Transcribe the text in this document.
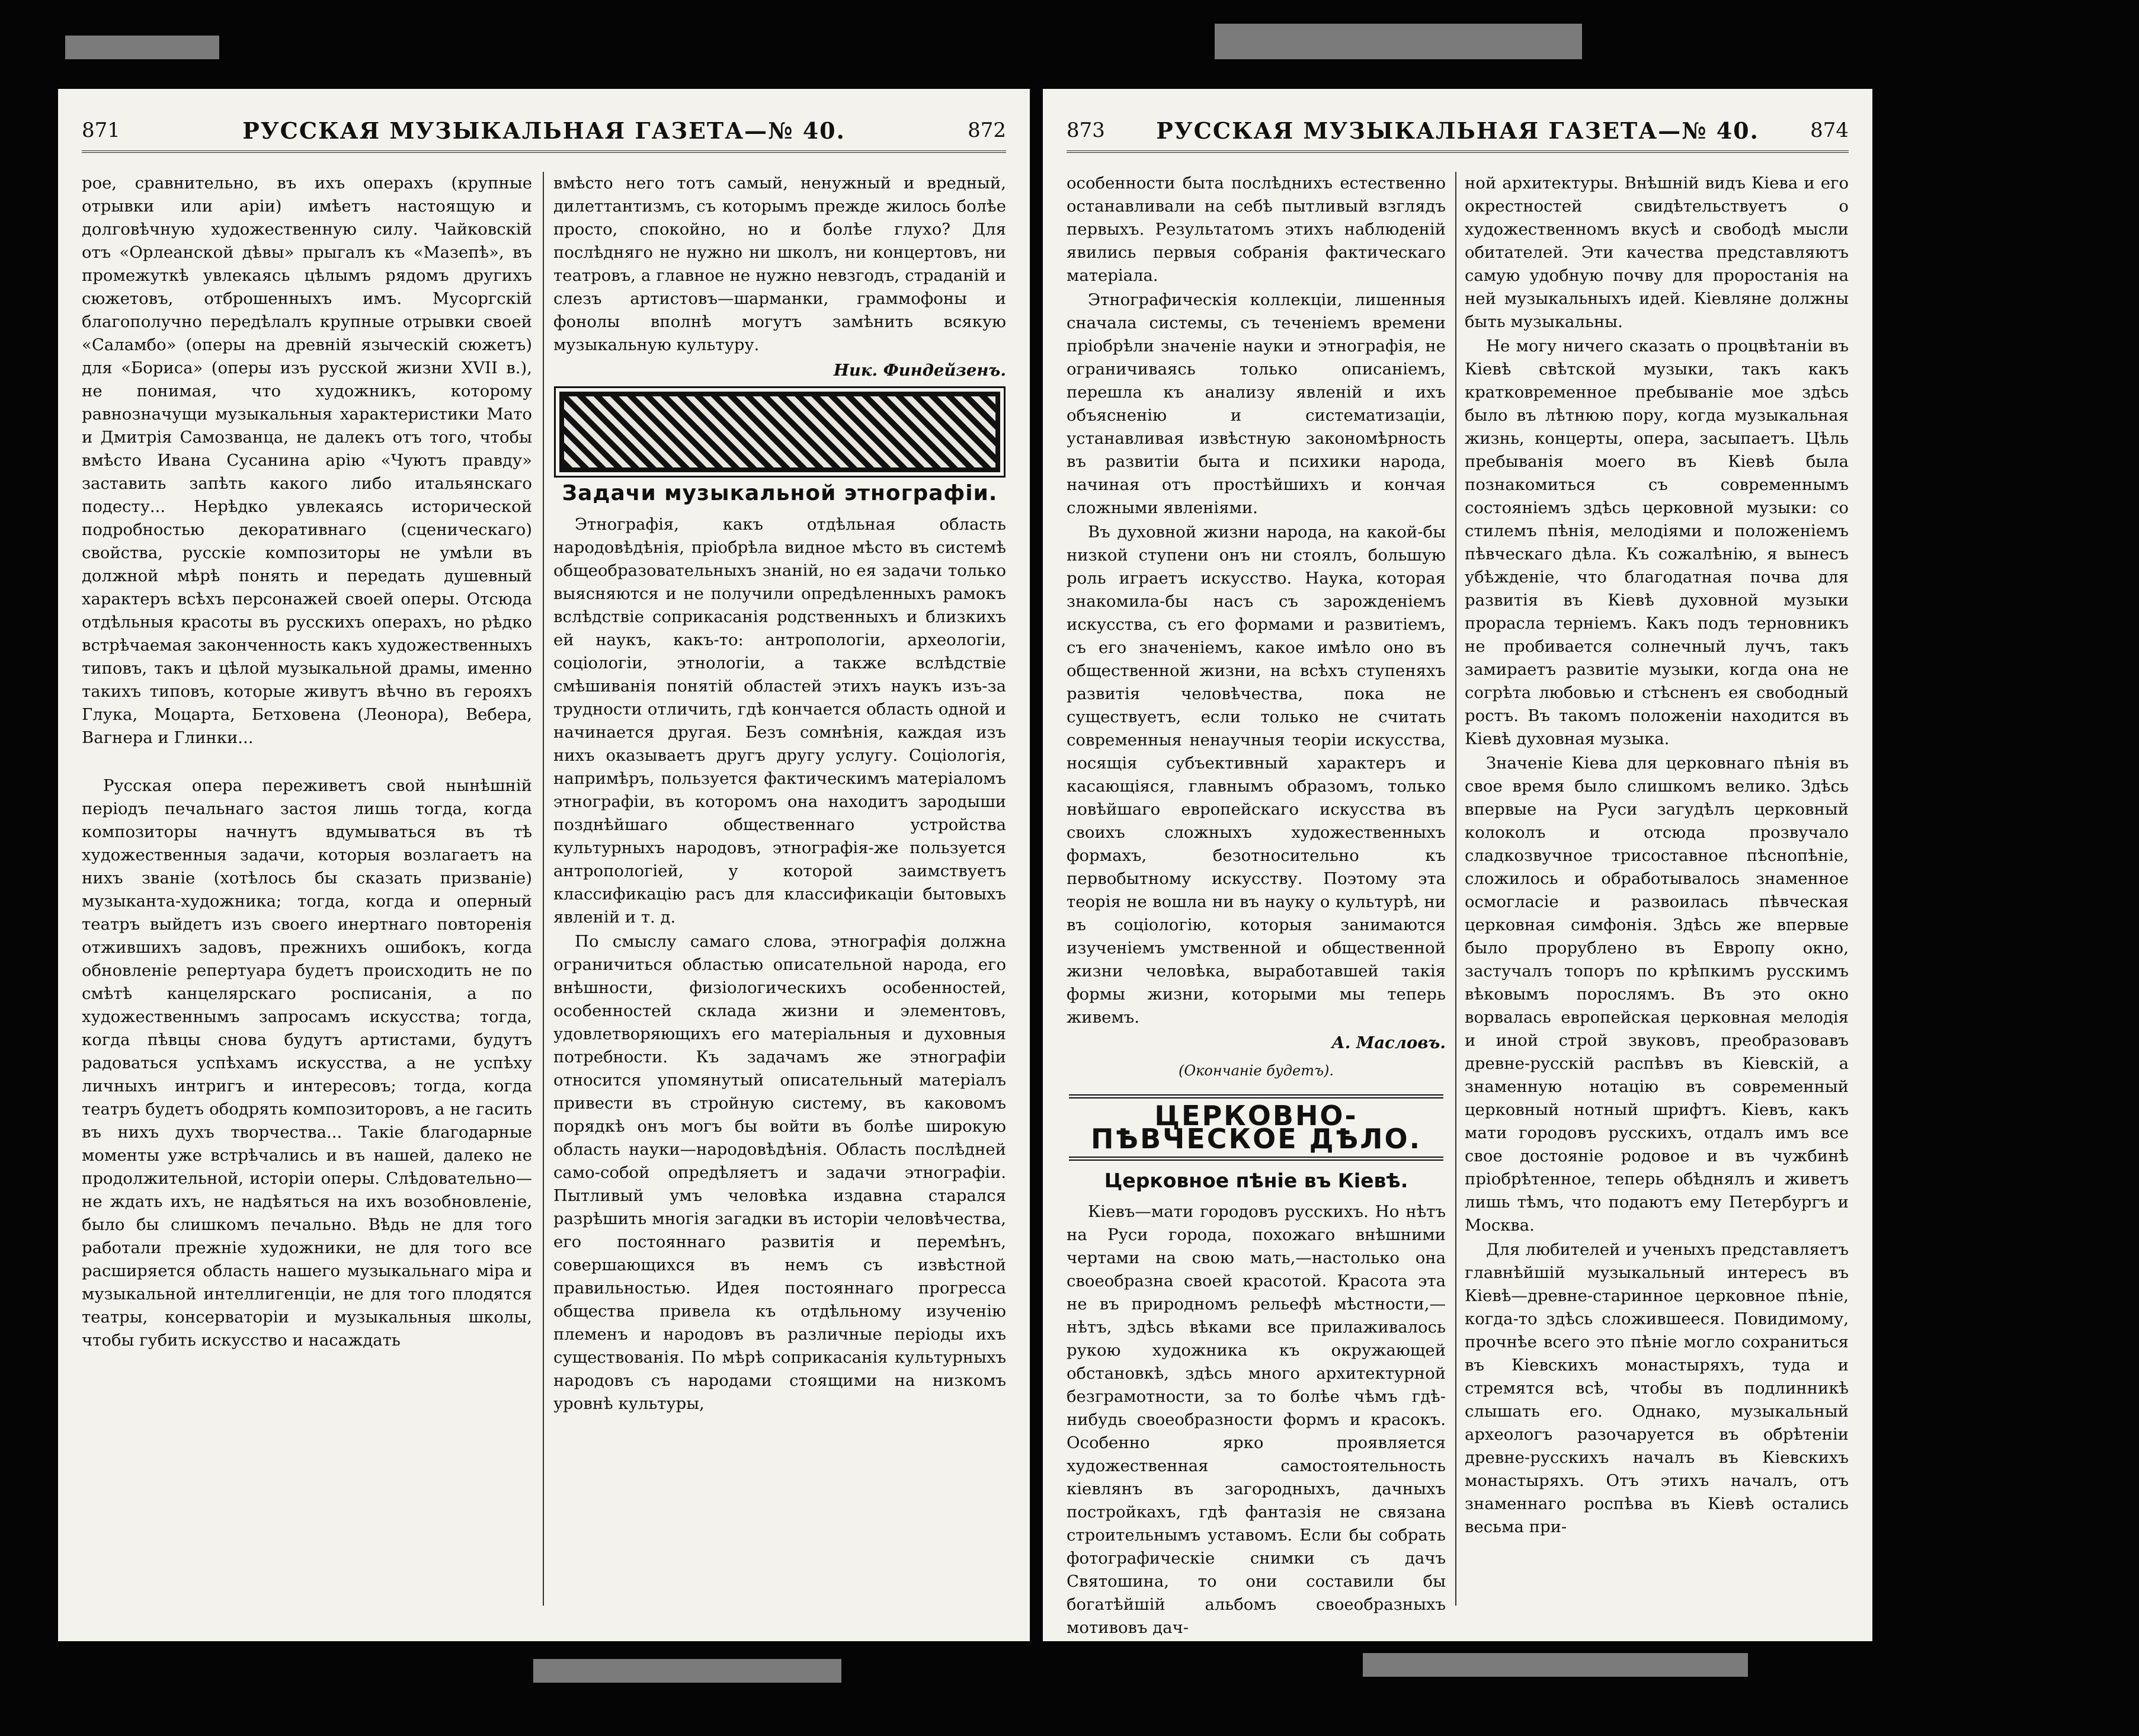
871	РУССКАЯ МУЗЫКАЛЬНАЯ ГАЗЕТА—№ 40.	872

рое, сравнительно, въ ихъ операхъ (крупные отрывки или арiи) имѣетъ настоящую и долговѣчную художественную силу. Чайковскiй отъ «Орлеанской дѣвы» прыгалъ къ «Мазепѣ», въ промежуткѣ увлекаясь цѣлымъ рядомъ другихъ сюжетовъ, отброшенныхъ имъ. Мусоргскiй благополучно передѣлалъ крупные отрывки своей «Саламбо» (оперы на древнiй языческiй сюжетъ) для «Бориса» (оперы изъ русской жизни XVII в.), не понимая, что художникъ, которому равнозначущи музыкальныя характеристики Мато и Дмитрiя Самозванца, не далекъ отъ того, чтобы вмѣсто Ивана Сусанина арiю «Чуютъ правду» заставить запѣть какого либо итальянскаго подесту... Нерѣдко увлекаясь исторической подробностью декоративнаго (сценическаго) свойства, русскiе композиторы не умѣли въ должной мѣрѣ понять и передать душевный характеръ всѣхъ персонажей своей оперы. Отсюда отдѣльныя красоты въ русскихъ операхъ, но рѣдко встрѣчаемая законченность какъ художественныхъ типовъ, такъ и цѣлой музыкальной драмы, именно такихъ типовъ, которые живутъ вѣчно въ герояхъ Глука, Моцарта, Бетховена (Леонора), Вебера, Вагнера и Глинки...

Русская опера переживетъ свой нынѣшнiй перiодъ печальнаго застоя лишь тогда, когда композиторы начнутъ вдумываться въ тѣ художественныя задачи, которыя возлагаетъ на нихъ званiе (хотѣлось бы сказать призванiе) музыканта-художника; тогда, когда и оперный театръ выйдетъ изъ своего инертнаго повторенiя отжившихъ задовъ, прежнихъ ошибокъ, когда обновленiе репертуара будетъ происходить не по смѣтѣ канцелярскаго росписанiя, а по художественнымъ запросамъ искусства; тогда, когда пѣвцы снова будутъ артистами, будутъ радоваться успѣхамъ искусства, а не успѣху личныхъ интригъ и интересовъ; тогда, когда театръ будетъ ободрять композиторовъ, а не гасить въ нихъ духъ творчества... Такiе благодарные моменты уже встрѣчались и въ нашей, далеко не продолжительной, исторiи оперы. Слѣдовательно—не ждать ихъ, не надѣяться на ихъ возобновленiе, было бы слишкомъ печально. Вѣдь не для того работали прежнiе художники, не для того все расширяется область нашего музыкальнаго мiра и музыкальной интеллигенцiи, не для того плодятся театры, консерваторiи и музыкальныя школы, чтобы губить искусство и насаждать

вмѣсто него тотъ самый, ненужный и вредный, дилеттантизмъ, съ которымъ прежде жилось болѣе просто, спокойно, но и болѣе глухо? Для послѣдняго не нужно ни школъ, ни концертовъ, ни театровъ, а главное не нужно невзгодъ, страданiй и слезъ артистовъ—шарманки, граммофоны и фонолы вполнѣ могутъ замѣнить всякую музыкальную культуру.

Ник. Финдейзенъ.
Задачи музыкальной этнографiи.

Этнографiя, какъ отдѣльная область народовѣдѣнiя, прiобрѣла видное мѣсто въ системѣ общеобразовательныхъ знанiй, но ея задачи только выясняются и не получили опредѣленныхъ рамокъ вслѣдствiе соприкасанiя родственныхъ и близкихъ ей наукъ, какъ-то: антропологiи, археологiи, соцiологiи, этнологiи, а также вслѣдствiе смѣшиванiя понятiй областей этихъ наукъ изъ-за трудности отличить, гдѣ кончается область одной и начинается другая. Безъ сомнѣнiя, каждая изъ нихъ оказываетъ другъ другу услугу. Соцiологiя, напримѣръ, пользуется фактическимъ матерiаломъ этнографiи, въ которомъ она находитъ зародыши позднѣйшаго общественнаго устройства культурныхъ народовъ, этнографiя-же пользуется антропологiей, у которой заимствуетъ классификацiю расъ для классификацiи бытовыхъ явленiй и т. д.

По смыслу самаго слова, этнографiя должна ограничиться областью описательной народа, его внѣшности, физiологическихъ особенностей, особенностей склада жизни и элементовъ, удовлетворяющихъ его матерiальныя и духовныя потребности. Къ задачамъ же этнографiи относится упомянутый описательный матерiалъ привести въ стройную систему, въ каковомъ порядкѣ онъ могъ бы войти въ болѣе широкую область науки—народовѣдѣнiя. Область послѣдней само-собой опредѣляетъ и задачи этнографiи. Пытливый умъ человѣка издавна старался разрѣшить многiя загадки въ исторiи человѣчества, его постояннаго развитiя и перемѣнъ, совершающихся въ немъ съ извѣстной правильностью. Идея постояннаго прогресса общества привела къ отдѣльному изученiю племенъ и народовъ въ различные перiоды ихъ существованiя. По мѣрѣ соприкасанiя культурныхъ народовъ съ народами стоящими на низкомъ уровнѣ культуры,

873 РУССКАЯ МУЗЫКАЛЬНАЯ ГАЗЕТА—№ 40.	874

особенности быта послѣднихъ естественно останавливали на себѣ пытливый взглядъ первыхъ. Результатомъ этихъ наблюденiй явились первыя собранiя фактическаго матерiала.

Этнографическiя коллекцiи, лишенныя сначала системы, съ теченiемъ времени прiобрѣли значенiе науки и этнографiя, не ограничиваясь только описанiемъ, перешла къ анализу явленiй и ихъ объясненiю и систематизацiи, устанавливая извѣстную закономѣрность въ развитiи быта и психики народа, начиная отъ простѣйшихъ и кончая сложными явленiями.

Въ духовной жизни народа, на какой-бы низкой ступени онъ ни стоялъ, большую роль играетъ искусство. Наука, которая знакомила-бы насъ съ зарожденiемъ искусства, съ его формами и развитiемъ, съ его значенiемъ, какое имѣло оно въ общественной жизни, на всѣхъ ступеняхъ развитiя человѣчества, пока не существуетъ, если только не считать современныя ненаучныя теорiи искусства, носящiя субъективный характеръ и касающiяся, главнымъ образомъ, только новѣйшаго европейскаго искусства въ своихъ сложныхъ художественныхъ формахъ, безотносительно къ первобытному искусству. Поэтому эта теорiя не вошла ни въ науку о культурѣ, ни въ соцiологiю, которыя занимаются изученiемъ умственной и общественной жизни человѣка, выработавшей такiя формы жизни, которыми мы теперь живемъ.

А. Масловъ.
(Окончанiе будетъ).
ЦЕРКОВНО-ПѢВЧЕСКОЕ ДѢЛО.
Церковное пѣнiе въ Кiевѣ.

Кiевъ—мати городовъ русскихъ. Но нѣтъ на Руси города, похожаго внѣшними чертами на свою мать,—настолько она своеобразна своей красотой. Красота эта не въ природномъ рельефѣ мѣстности,—нѣтъ, здѣсь вѣками все прилаживалось рукою художника къ окружающей обстановкѣ, здѣсь много архитектурной безграмотности, за то болѣе чѣмъ гдѣ-нибудь своеобразности формъ и красокъ. Особенно ярко проявляется художественная самостоятельность кiевлянъ въ загородныхъ, дачныхъ постройкахъ, гдѣ фантазiя не связана строительнымъ уставомъ. Если бы собрать фотографическiе снимки съ дачъ Святошина, то они составили бы богатѣйшiй альбомъ своеобразныхъ мотивовъ дач-

ной архитектуры. Внѣшнiй видъ Кiева и его окрестностей свидѣтельствуетъ о художественномъ вкусѣ и свободѣ мысли обитателей. Эти качества представляютъ самую удобную почву для проростанiя на ней музыкальныхъ идей. Кiевляне должны быть музыкальны.

Не могу ничего сказать о процвѣтанiи въ Кiевѣ свѣтской музыки, такъ какъ кратковременное пребыванiе мое здѣсь было въ лѣтнюю пору, когда музыкальная жизнь, концерты, опера, засыпаетъ. Цѣль пребыванiя моего въ Кiевѣ была познакомиться съ современнымъ состоянiемъ здѣсь церковной музыки: со стилемъ пѣнiя, мелодiями и положенiемъ пѣвческаго дѣла. Къ сожалѣнiю, я вынесъ убѣжденiе, что благодатная почва для развитiя въ Кiевѣ духовной музыки прорасла тернiемъ. Какъ подъ терновникъ не пробивается солнечный лучъ, такъ замираетъ развитiе музыки, когда она не согрѣта любовью и стѣсненъ ея свободный ростъ. Въ такомъ положенiи находится въ Кiевѣ духовная музыка.

Значенiе Кiева для церковнаго пѣнiя въ свое время было слишкомъ велико. Здѣсь впервые на Руси загудѣлъ церковный колоколъ и отсюда прозвучало сладкозвучное трисоставное пѣснопѣнiе, сложилось и обработывалось знаменное осмогласiе и развоилась пѣвческая церковная симфонiя. Здѣсь же впервые было прорублено въ Европу окно, застучалъ топоръ по крѣпкимъ русскимъ вѣковымъ порослямъ. Въ это окно ворвалась европейская церковная мелодiя и иной строй звуковъ, преобразовавъ древне-русскiй распѣвъ въ Кiевскiй, а знаменную нотацiю въ современный церковный нотный шрифтъ. Кiевъ, какъ мати городовъ русскихъ, отдалъ имъ все свое достоянiе родовое и въ чужбинѣ прiобрѣтенное, теперь обѣднялъ и живетъ лишь тѣмъ, что подаютъ ему Петербургъ и Москва.

Для любителей и ученыхъ представляетъ главнѣйшiй музыкальный интересъ въ Кiевѣ—древне-старинное церковное пѣнiе, когда-то здѣсь сложившееся. Повидимому, прочнѣе всего это пѣнiе могло сохраниться въ Кiевскихъ монастыряхъ, туда и стремятся всѣ, чтобы въ подлинникѣ слышать его. Однако, музыкальный археологъ разочаруется въ обрѣтенiи древне-русскихъ началъ въ Кiевскихъ монастыряхъ. Отъ этихъ началъ, отъ знаменнаго роспѣва въ Кiевѣ остались весьма при-
